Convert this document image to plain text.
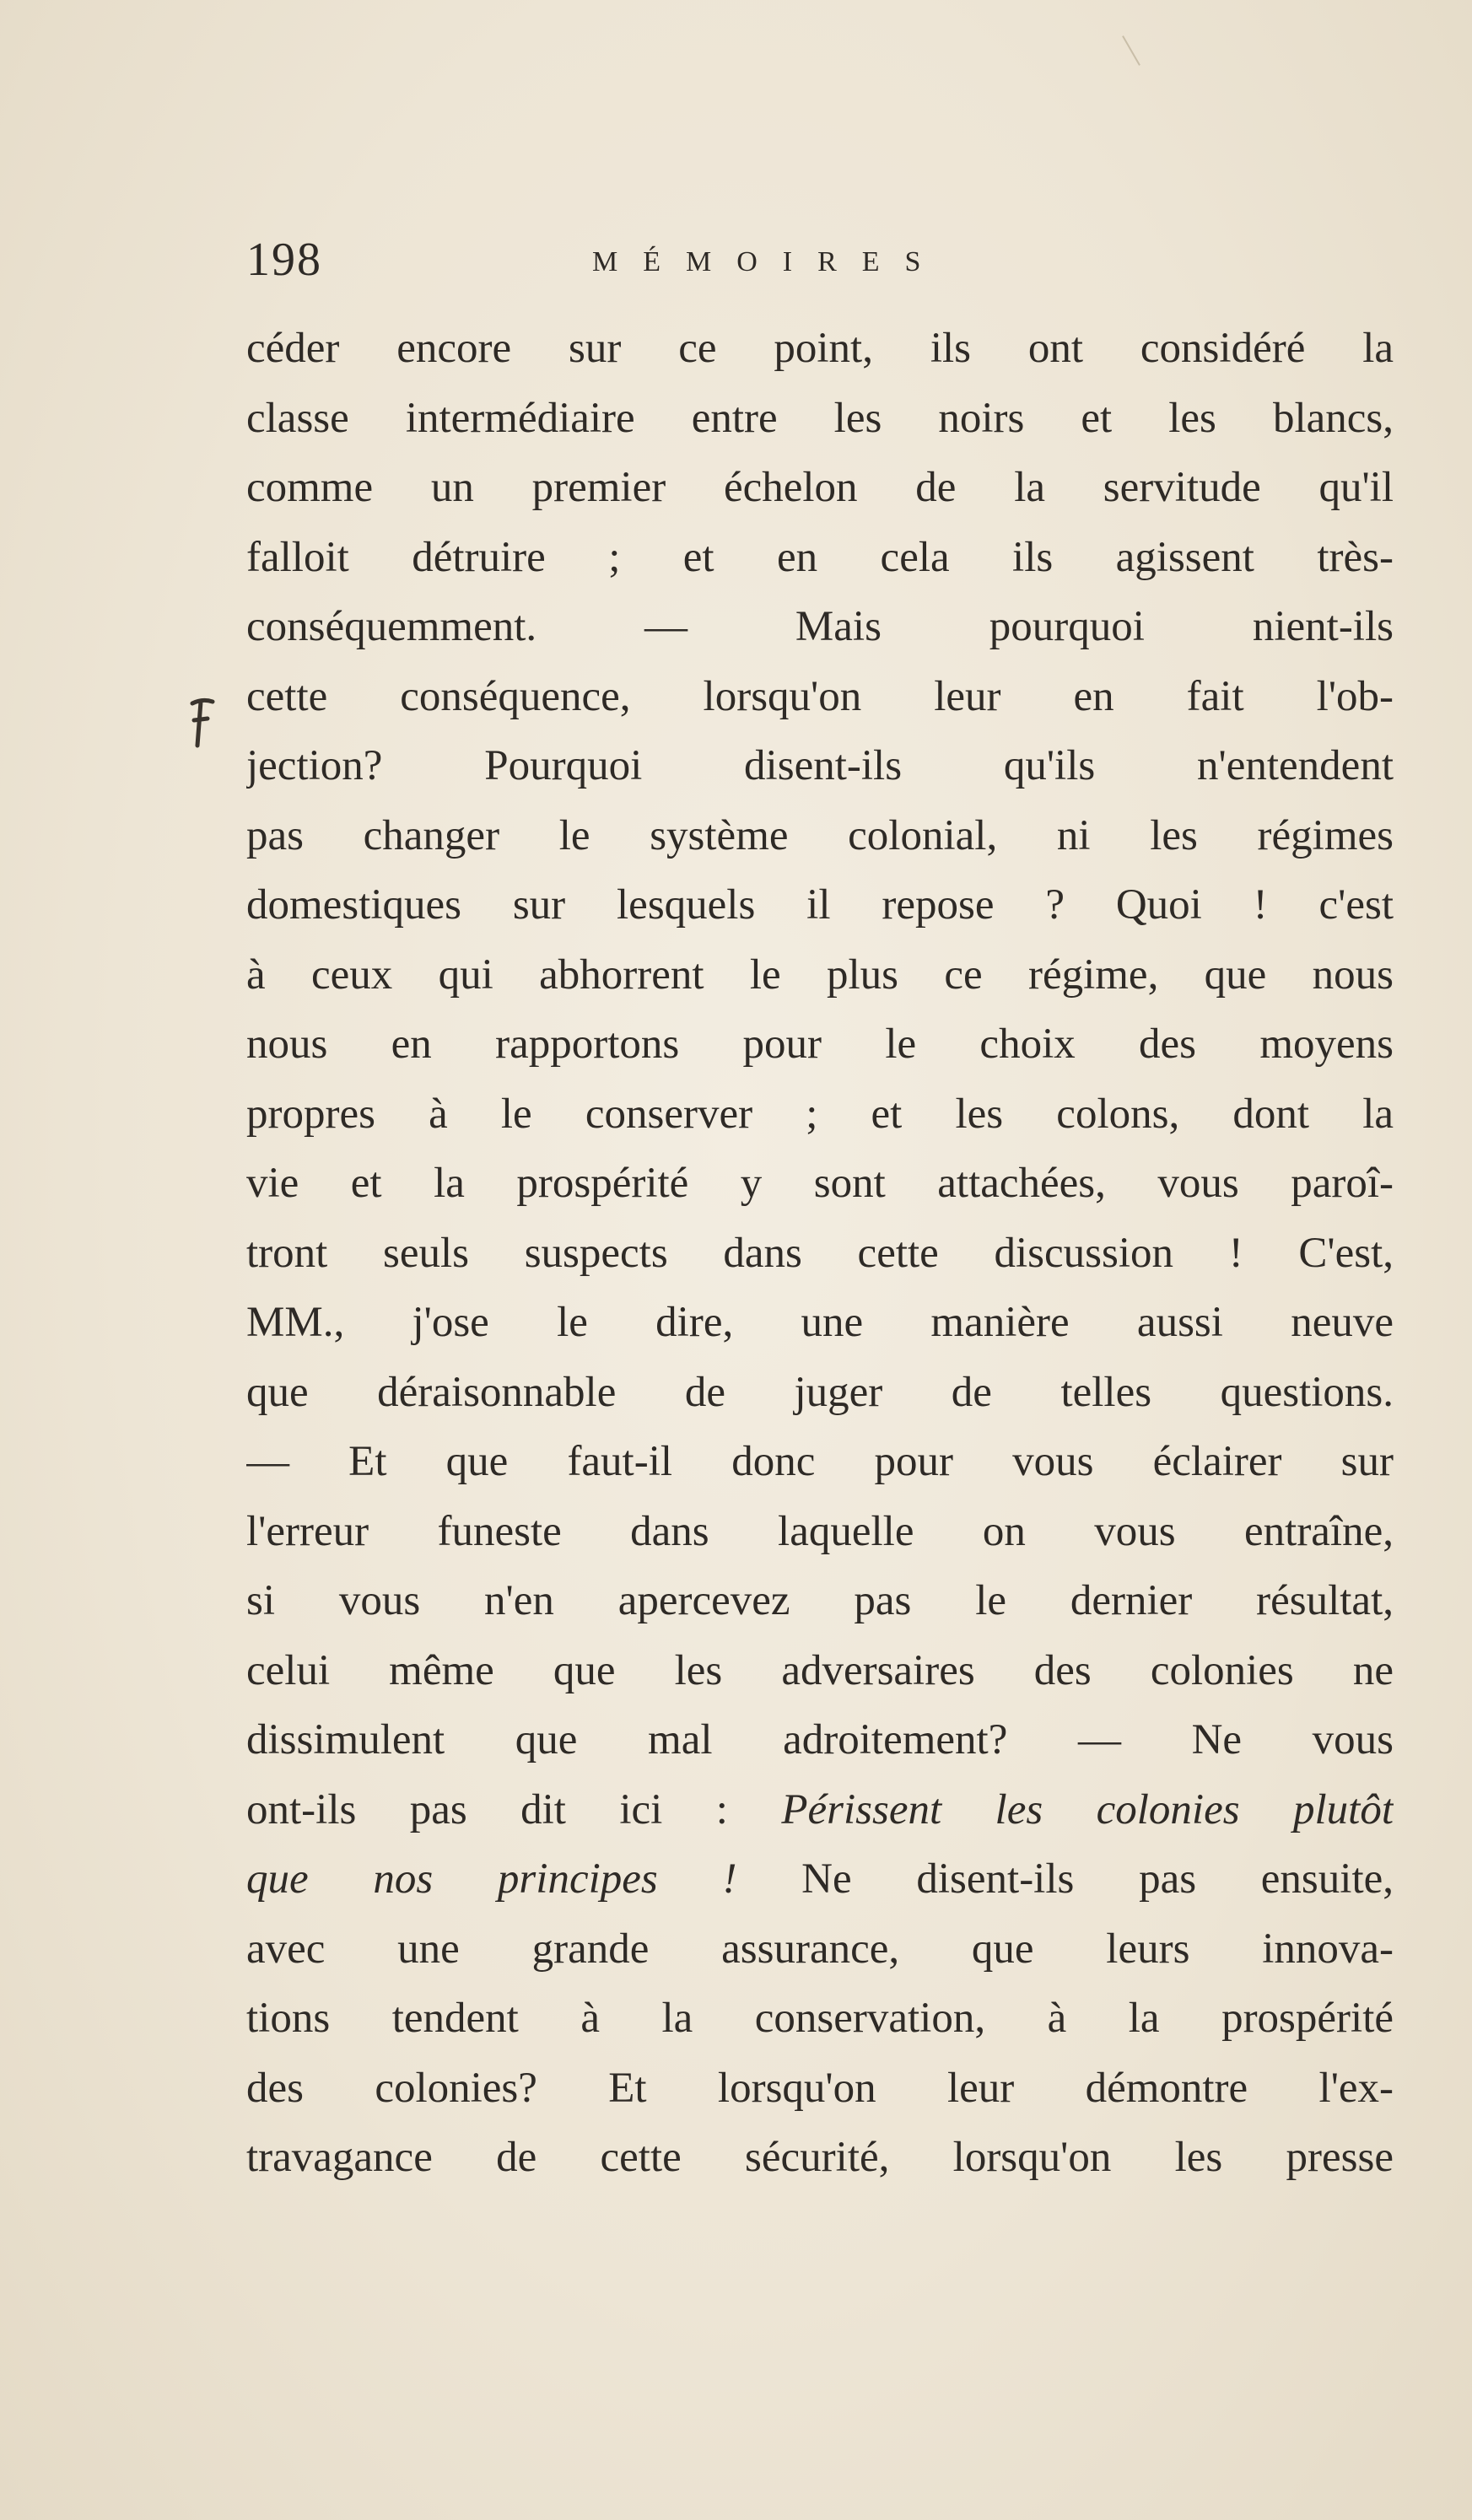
198	MÉMOIRES
céder encore sur ce point, ils ont considéré la
classe intermédiaire entre les noirs et les blancs,
comme un premier échelon de la servitude qu'il
falloit détruire ; et en cela ils agissent très-
conséquemment. — Mais pourquoi nient-ils
cette conséquence, lorsqu'on leur en fait l'ob-
jection? Pourquoi disent-ils qu'ils n'entendent
pas changer le système colonial, ni les régimes
domestiques sur lesquels il repose ? Quoi ! c'est
à ceux qui abhorrent le plus ce régime, que nous
nous en rapportons pour le choix des moyens
propres à le conserver ; et les colons, dont la
vie et la prospérité y sont attachées, vous paroî-
tront seuls suspects dans cette discussion ! C'est,
MM., j'ose le dire, une manière aussi neuve
que déraisonnable de juger de telles questions.
— Et que faut-il donc pour vous éclairer sur
l'erreur funeste dans laquelle on vous entraîne,
si vous n'en apercevez pas le dernier résultat,
celui même que les adversaires des colonies ne
dissimulent que mal adroitement? — Ne vous
ont-ils pas dit ici : Périssent les colonies plutôt
que nos principes ! Ne disent-ils pas ensuite,
avec une grande assurance, que leurs innova-
tions tendent à la conservation, à la prospérité
des colonies? Et lorsqu'on leur démontre l'ex-
travagance de cette sécurité, lorsqu'on les presse
